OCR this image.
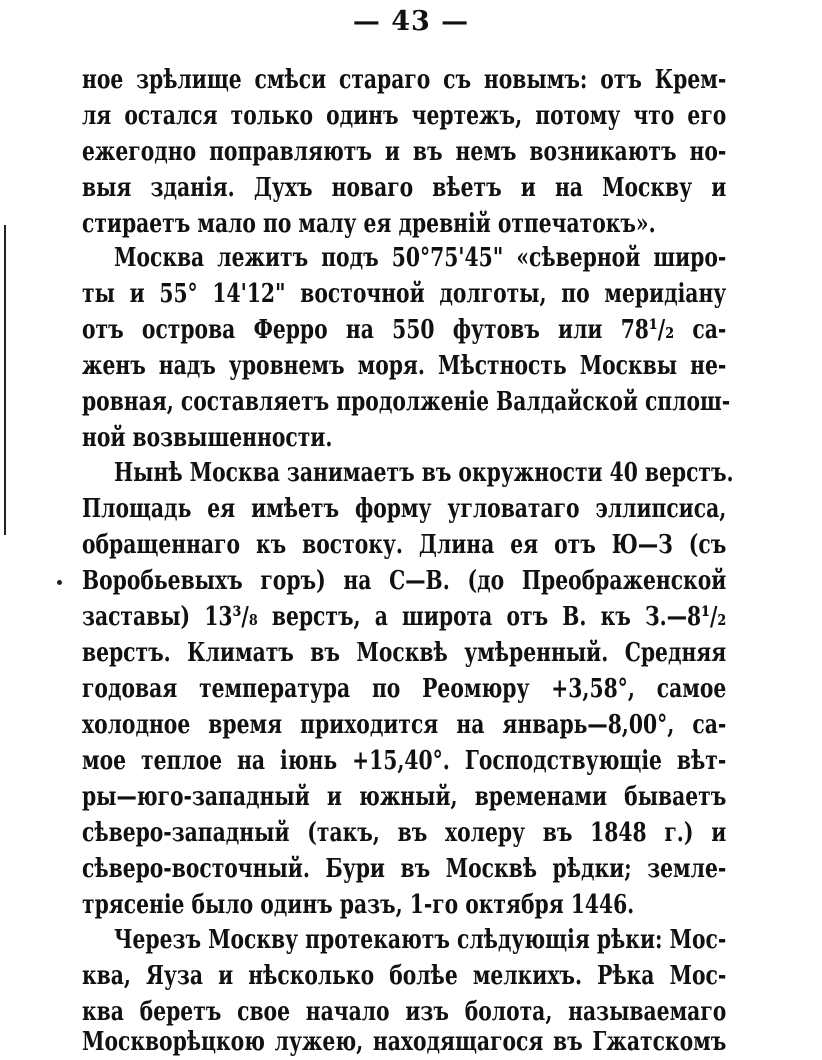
— 43 —
ное зрѣлище смѣси стараго съ новымъ: отъ Крем-
ля остался только одинъ чертежъ, потому что его
ежегодно поправляютъ и въ немъ возникаютъ но-
выя зданія. Духъ новаго вѣетъ и на Москву и
стираетъ мало по малу ея древній отпечатокъ».
Москва лежитъ подъ 50°75'45" «сѣверной широ-
ты и 55° 14'12" восточной долготы, по меридіану
отъ острова Ферро на 550 футовъ или 78¹/₂ са-
женъ надъ уровнемъ моря. Мѣстность Москвы не-
ровная, составляетъ продолженіе Валдайской сплош-
ной возвышенности.
Нынѣ Москва занимаетъ въ окружности 40 верстъ.
Площадь ея имѣетъ форму угловатаго эллипсиса,
обращеннаго къ востоку. Длина ея отъ Ю—З (съ
Воробьевыхъ горъ) на С—В. (до Преображенской
заставы) 13³/₈ верстъ, а широта отъ В. къ З.—8¹/₂
верстъ. Климатъ въ Москвѣ умѣренный. Средняя
годовая температура по Реомюру +3,58°, самое
холодное время приходится на январь—8,00°, са-
мое теплое на іюнь +15,40°. Господствующіе вѣт-
ры—юго-западный и южный, временами бываетъ
сѣверо-западный (такъ, въ холеру въ 1848 г.) и
сѣверо-восточный. Бури въ Москвѣ рѣдки; земле-
трясеніе было одинъ разъ, 1-го октября 1446.
Черезъ Москву протекаютъ слѣдующія рѣки: Мос-
ква, Яуза и нѣсколько болѣе мелкихъ. Рѣка Мос-
ква беретъ свое начало изъ болота, называемаго
Москворѣцкою лужею, находящагося въ Гжатскомъ
